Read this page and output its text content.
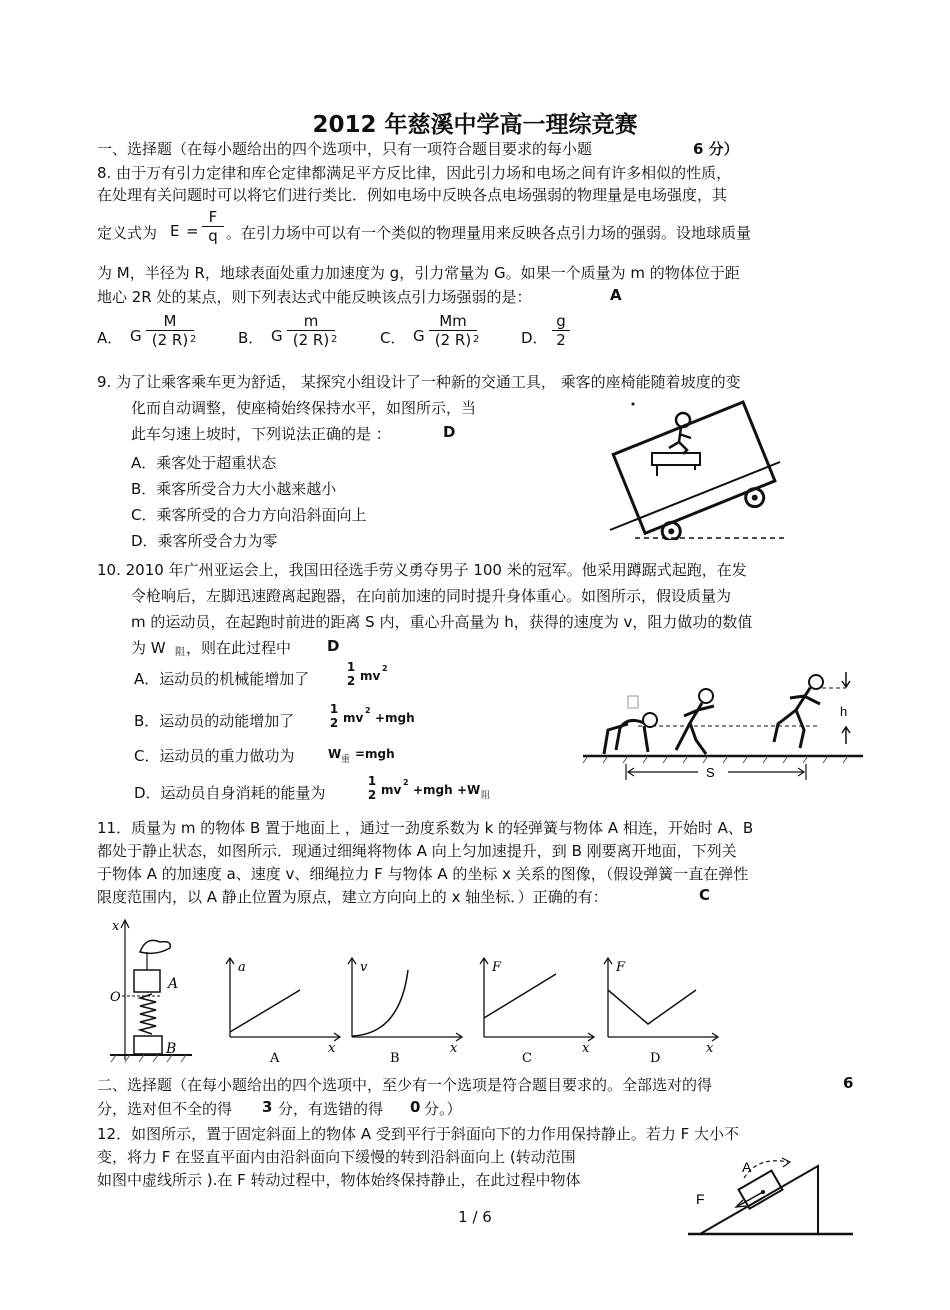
2012 年慈溪中学高一理综竞赛
一、选择题（在每小题给出的四个选项中，只有一项符合题目要求的每小题	6 分）
8. 由于万有引力定律和库仑定律都满足平方反比律，因此引力场和电场之间有许多相似的性质，
在处理有关问题时可以将它们进行类比．例如电场中反映各点电场强弱的物理量是电场强度，其
定义式为 E =
F
q 。在引力场中可以有一个类似的物理量用来反映各点引力场的强弱。设地球质量
为 M，半径为 R，地球表面处重力加速度为 g，引力常量为 G。如果一个质量为 m 的物体位于距
地心 2R 处的某点，则下列表达式中能反映该点引力场强弱的是：	A
A． G
M
(2 R) 2	B． G
m
(2 R) 2	C． G
Mm
(2 R) 2	D．
g
2
9. 为了让乘客乘车更为舒适， 某探究小组设计了一种新的交通工具， 乘客的座椅能随着坡度的变
化而自动调整，使座椅始终保持水平，如图所示，当
此车匀速上坡时，下列说法正确的是 ：	D
A．乘客处于超重状态
B．乘客所受合力大小越来越小
C．乘客所受的合力方向沿斜面向上
D．乘客所受合力为零
10. 2010 年广州亚运会上，我国田径选手劳义勇夺男子 100 米的冠军。他采用蹲踞式起跑，在发
令枪响后，左脚迅速蹬离起跑器，在向前加速的同时提升身体重心。如图所示，假设质量为
m 的运动员，在起跑时前进的距离 S 内，重心升高量为 h，获得的速度为 v，阻力做功的数值
为 W 阻 ，则在此过程中 D
A．运动员的机械能增加了
1
2 mv
2
B．运动员的动能增加了
1
2 mv
2
+mgh
C．运动员的重力做功为	W 重 =mgh
D．运动员自身消耗的能量为
1
2 mv
2
+mgh +W 阻
h
S
11．质量为 m 的物体 B 置于地面上 ，通过一劲度系数为 k 的轻弹簧与物体 A 相连，开始时 A、B
都处于静止状态，如图所示．现通过细绳将物体 A 向上匀加速提升，到 B 刚要离开地面，下列关
于物体 A 的加速度 a、速度 v、细绳拉力 F 与物体 A 的坐标 x 关系的图像，（假设弹簧一直在弹性
限度范围内，以 A 静止位置为原点，建立方向向上的 x 轴坐标．）正确的有：	C
x
O
A
B
a
x
A
v
x
B
F
x
C
F
x
D
二、选择题（在每小题给出的四个选项中，至少有一个选项是符合题目要求的。全部选对的得	6
分，选对但不全的得 3 分，有选错的得 0 分。）
12．如图所示，置于固定斜面上的物体 A 受到平行于斜面向下的力作用保持静止。若力 F 大小不
变，将力 F 在竖直平面内由沿斜面向下缓慢的转到沿斜面向上 (转动范围
如图中虚线所示 ).在 F 转动过程中，物体始终保持静止，在此过程中物体
A
F
1 / 6
